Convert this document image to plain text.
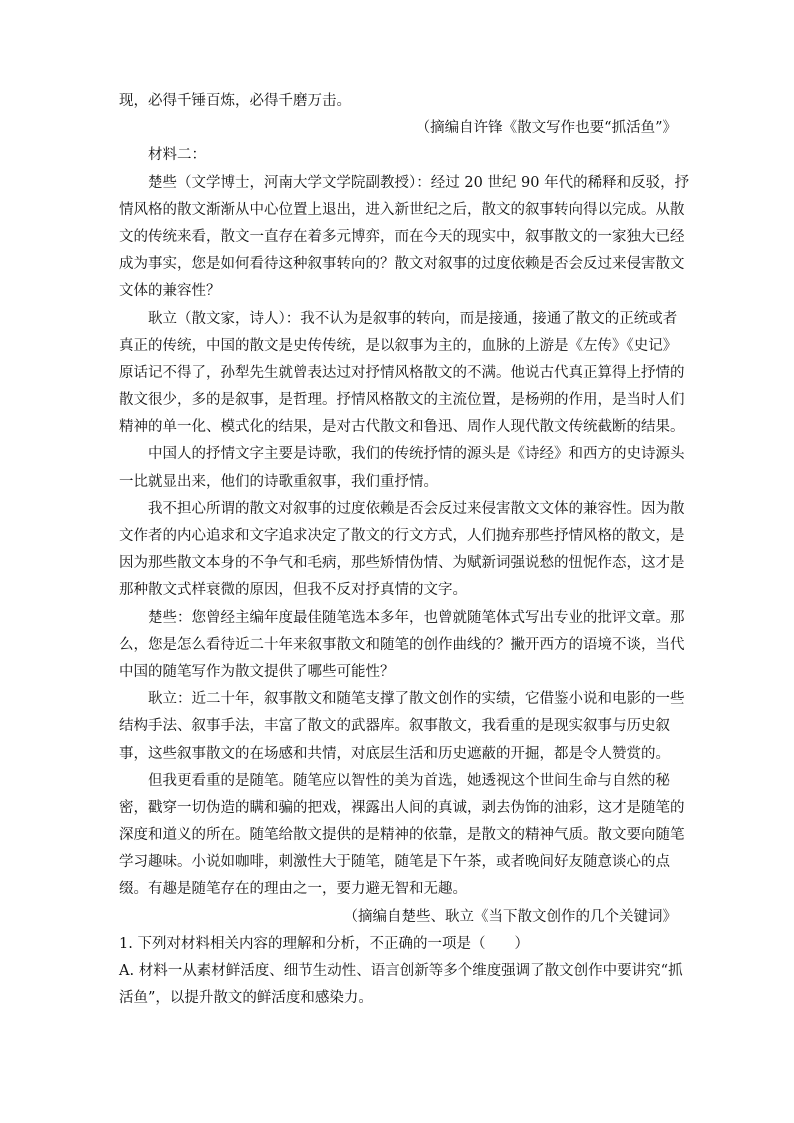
现，必得千锤百炼，必得千磨万击。
（摘编自许锋《散文写作也要“抓活鱼”》
材料二：
楚些（文学博士，河南大学文学院副教授）：经过 20 世纪 90 年代的稀释和反驳，抒
情风格的散文渐渐从中心位置上退出，进入新世纪之后，散文的叙事转向得以完成。从散
文的传统来看，散文一直存在着多元博弈，而在今天的现实中，叙事散文的一家独大已经
成为事实，您是如何看待这种叙事转向的？散文对叙事的过度依赖是否会反过来侵害散文
文体的兼容性？
耿立（散文家，诗人）：我不认为是叙事的转向，而是接通，接通了散文的正统或者
真正的传统，中国的散文是史传传统，是以叙事为主的，血脉的上游是《左传》《史记》
原话记不得了，孙犁先生就曾表达过对抒情风格散文的不满。他说古代真正算得上抒情的
散文很少，多的是叙事，是哲理。抒情风格散文的主流位置，是杨朔的作用，是当时人们
精神的单一化、模式化的结果，是对古代散文和鲁迅、周作人现代散文传统截断的结果。
中国人的抒情文字主要是诗歌，我们的传统抒情的源头是《诗经》和西方的史诗源头
一比就显出来，他们的诗歌重叙事，我们重抒情。
我不担心所谓的散文对叙事的过度依赖是否会反过来侵害散文文体的兼容性。因为散
文作者的内心追求和文字追求决定了散文的行文方式，人们抛弃那些抒情风格的散文，是
因为那些散文本身的不争气和毛病，那些矫情伪情、为赋新词强说愁的忸怩作态，这才是
那种散文式样衰微的原因，但我不反对抒真情的文字。
楚些：您曾经主编年度最佳随笔选本多年，也曾就随笔体式写出专业的批评文章。那
么，您是怎么看待近二十年来叙事散文和随笔的创作曲线的？撇开西方的语境不谈，当代
中国的随笔写作为散文提供了哪些可能性？
耿立：近二十年，叙事散文和随笔支撑了散文创作的实绩，它借鉴小说和电影的一些
结构手法、叙事手法，丰富了散文的武器库。叙事散文，我看重的是现实叙事与历史叙
事，这些叙事散文的在场感和共情，对底层生活和历史遮蔽的开掘，都是令人赞赏的。
但我更看重的是随笔。随笔应以智性的美为首选，她透视这个世间生命与自然的秘
密，戳穿一切伪造的瞒和骗的把戏，裸露出人间的真诚，剥去伪饰的油彩，这才是随笔的
深度和道义的所在。随笔给散文提供的是精神的依靠，是散文的精神气质。散文要向随笔
学习趣味。小说如咖啡，刺激性大于随笔，随笔是下午茶，或者晚间好友随意谈心的点
缀。有趣是随笔存在的理由之一，要力避无智和无趣。
（摘编自楚些、耿立《当下散文创作的几个关键词》
1. 下列对材料相关内容的理解和分析，不正确的一项是（　　）
A. 材料一从素材鲜活度、细节生动性、语言创新等多个维度强调了散文创作中要讲究“抓
活鱼”，以提升散文的鲜活度和感染力。
